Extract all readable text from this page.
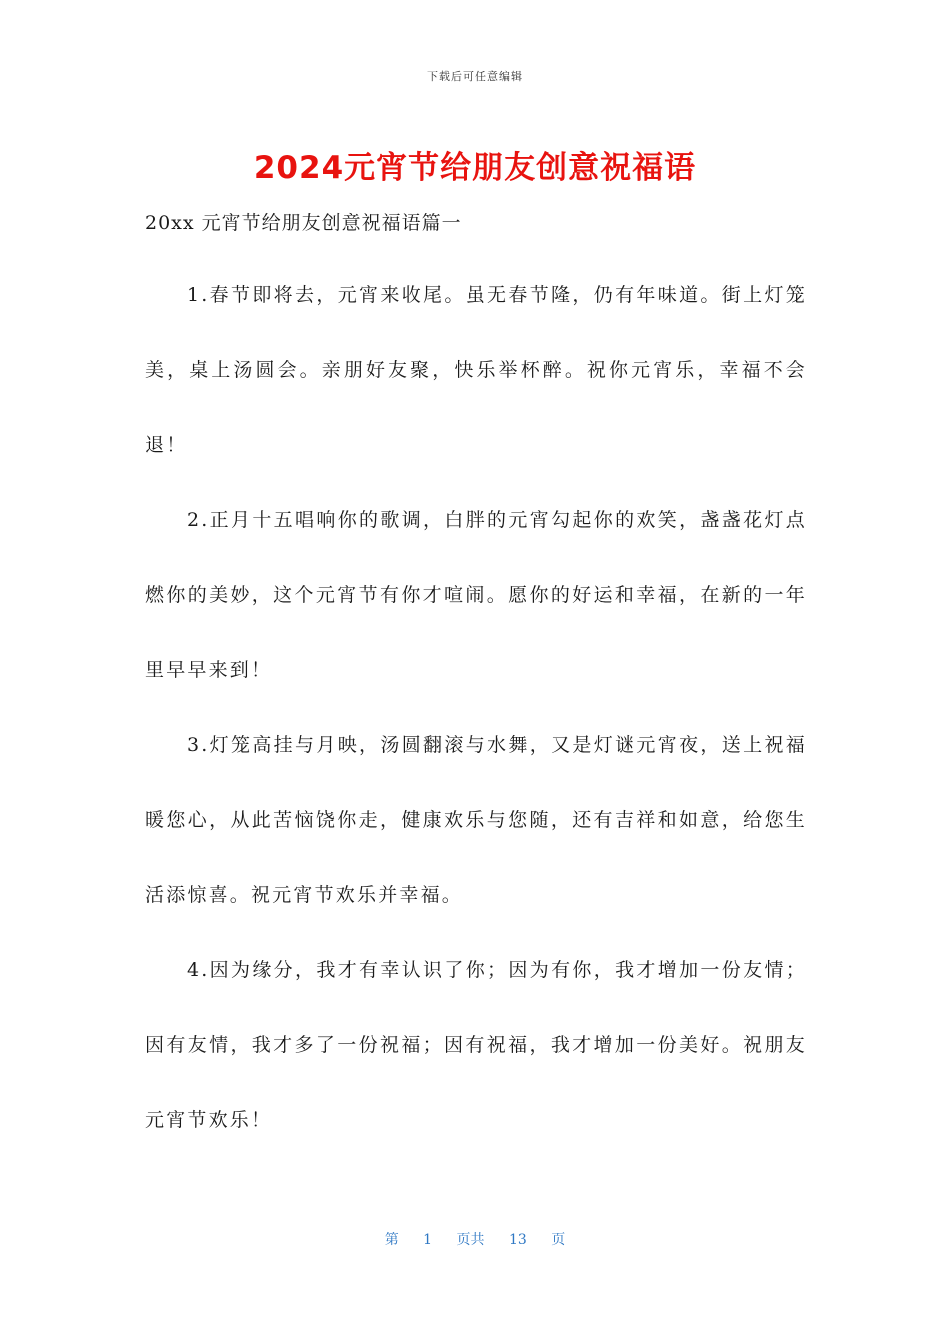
下载后可任意编辑
2024元宵节给朋友创意祝福语
20xx 元宵节给朋友创意祝福语篇一

1.春节即将去，元宵来收尾。虽无春节隆，仍有年味道。街上灯笼美，桌上汤圆会。亲朋好友聚，快乐举杯醉。祝你元宵乐，幸福不会退！

2.正月十五唱响你的歌调，白胖的元宵勾起你的欢笑，盏盏花灯点燃你的美妙，这个元宵节有你才喧闹。愿你的好运和幸福，在新的一年里早早来到！

3.灯笼高挂与月映，汤圆翻滚与水舞，又是灯谜元宵夜，送上祝福暖您心，从此苦恼饶你走，健康欢乐与您随，还有吉祥和如意，给您生活添惊喜。祝元宵节欢乐并幸福。

4.因为缘分，我才有幸认识了你；因为有你，我才增加一份友情；因有友情，我才多了一份祝福；因有祝福，我才增加一份美好。祝朋友元宵节欢乐！

第 1 页共 13 页
